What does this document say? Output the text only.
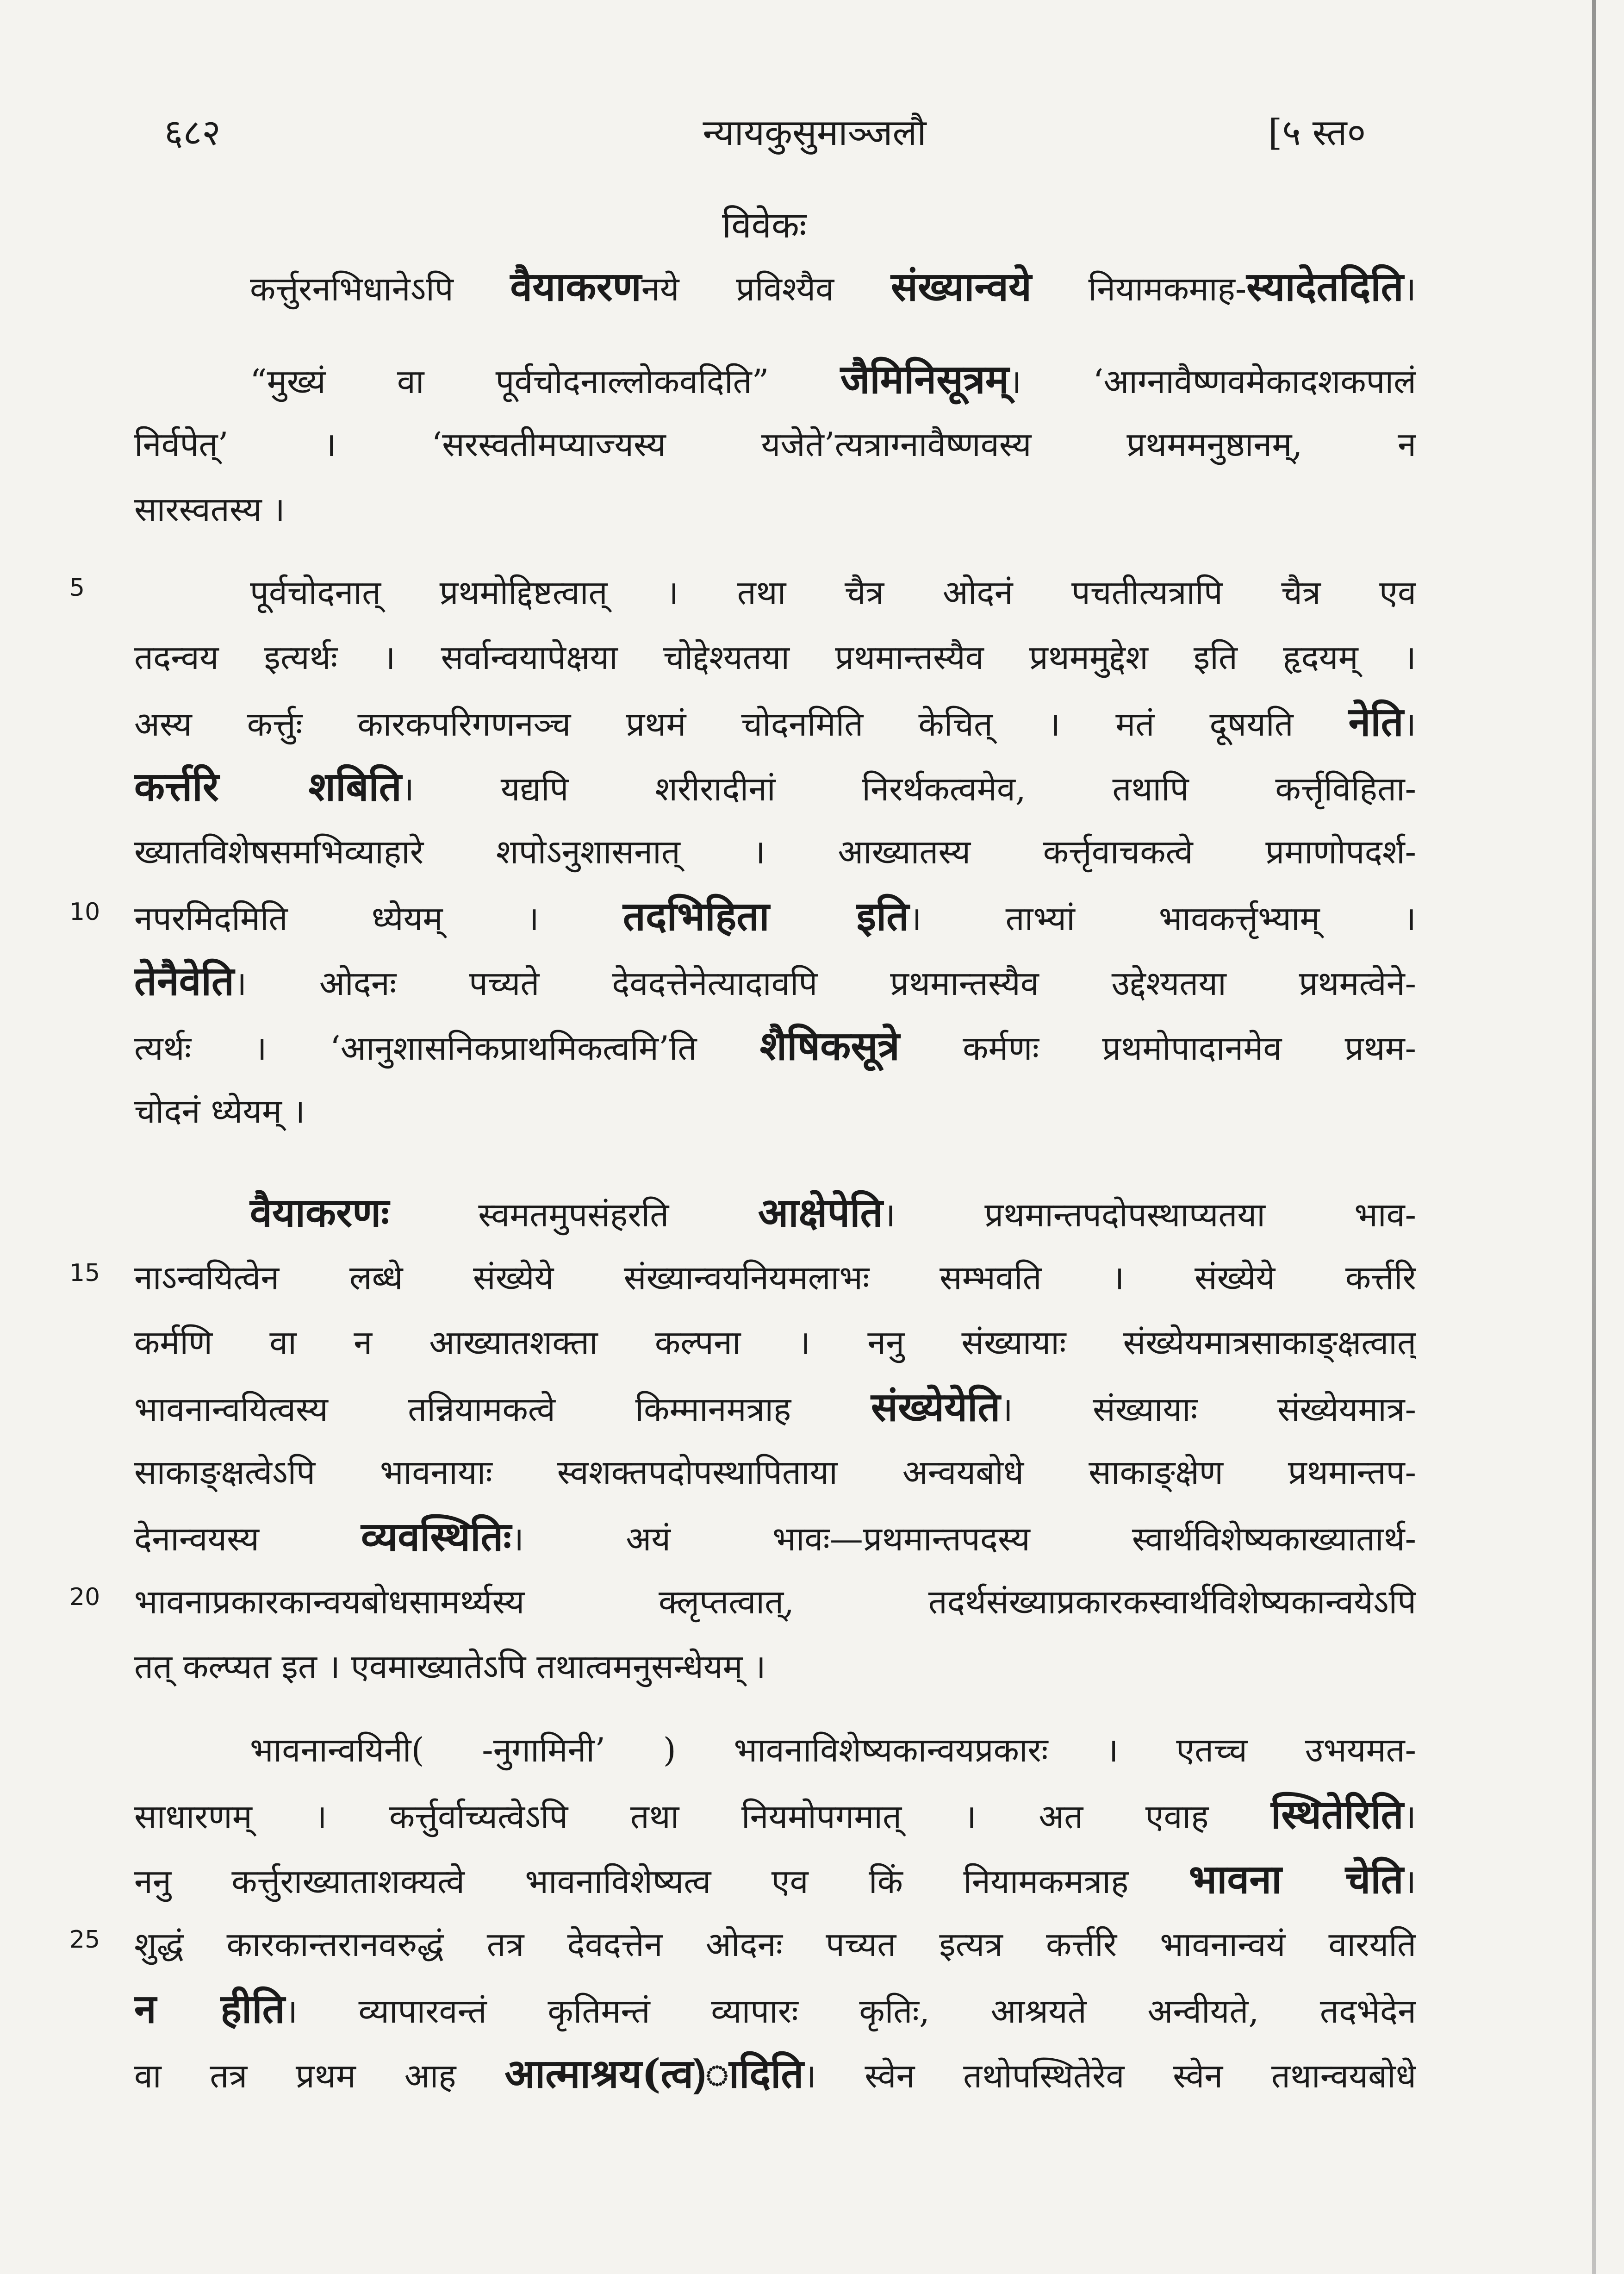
६८२	न्यायकुसुमाञ्जलौ	[५ स्त०
विवेकः
कर्त्तुरनभिधानेऽपि वैयाकरणनये प्रविश्यैव संख्यान्वये नियामकमाह-स्यादेतदिति।
“मुख्यं वा पूर्वचोदनाल्लोकवदिति” जैमिनिसूत्रम्। ‘आग्नावैष्णवमेकादशकपालं
निर्वपेत्’ । ‘सरस्वतीमप्याज्यस्य यजेते’त्यत्राग्नावैष्णवस्य प्रथममनुष्ठानम्, न
सारस्वतस्य ।
पूर्वचोदनात् प्रथमोद्दिष्टत्वात् । तथा चैत्र ओदनं पचतीत्यत्रापि चैत्र एव
तदन्वय इत्यर्थः । सर्वान्वयापेक्षया चोद्देश्यतया प्रथमान्तस्यैव प्रथममुद्देश इति हृदयम् ।
अस्य कर्त्तुः कारकपरिगणनञ्च प्रथमं चोदनमिति केचित् । मतं दूषयति नेति।
कर्त्तरि शबिति। यद्यपि शरीरादीनां निरर्थकत्वमेव, तथापि कर्त्तृविहिता-
ख्यातविशेषसमभिव्याहारे शपोऽनुशासनात् । आख्यातस्य कर्त्तृवाचकत्वे प्रमाणोपदर्श-
नपरमिदमिति ध्येयम् । तदभिहिता इति। ताभ्यां भावकर्त्तृभ्याम् ।
तेनैवेति। ओदनः पच्यते देवदत्तेनेत्यादावपि प्रथमान्तस्यैव उद्देश्यतया प्रथमत्वेने-
त्यर्थः । ‘आनुशासनिकप्राथमिकत्वमि’ति शैषिकसूत्रे कर्मणः प्रथमोपादानमेव प्रथम-
चोदनं ध्येयम् ।
वैयाकरणः स्वमतमुपसंहरति आक्षेपेति। प्रथमान्तपदोपस्थाप्यतया भाव-
नाऽन्वयित्वेन लब्धे संख्येये संख्यान्वयनियमलाभः सम्भवति । संख्येये कर्त्तरि
कर्मणि वा न आख्यातशक्ता कल्पना । ननु संख्यायाः संख्येयमात्रसाकाङ्क्षत्वात्
भावनान्वयित्वस्य तन्नियामकत्वे किम्मानमत्राह संख्येयेति। संख्यायाः संख्येयमात्र-
साकाङ्क्षत्वेऽपि भावनायाः स्वशक्तपदोपस्थापिताया अन्वयबोधे साकाङ्क्षेण प्रथमान्तप-
देनान्वयस्य व्यवस्थितिः। अयं भावः—प्रथमान्तपदस्य स्वार्थविशेष्यकाख्यातार्थ-
भावनाप्रकारकान्वयबोधसामर्थ्यस्य क्लृप्तत्वात्, तदर्थसंख्याप्रकारकस्वार्थविशेष्यकान्वयेऽपि
तत् कल्प्यत इत । एवमाख्यातेऽपि तथात्वमनुसन्धेयम् ।
भावनान्वयिनी( -नुगामिनी’ ) भावनाविशेष्यकान्वयप्रकारः । एतच्च उभयमत-
साधारणम् । कर्त्तुर्वाच्यत्वेऽपि तथा नियमोपगमात् । अत एवाह स्थितेरिति।
ननु कर्त्तुराख्याताशक्यत्वे भावनाविशेष्यत्व एव किं नियामकमत्राह भावना चेति।
शुद्धं कारकान्तरानवरुद्धं तत्र देवदत्तेन ओदनः पच्यत इत्यत्र कर्त्तरि भावनान्वयं वारयति
न हीति। व्यापारवन्तं कृतिमन्तं व्यापारः कृतिः, आश्रयते अन्वीयते, तदभेदेन
वा तत्र प्रथम आह आत्माश्रय(त्व)ादिति। स्वेन तथोपस्थितेरेव स्वेन तथान्वयबोधे
5
10
15
20
25
